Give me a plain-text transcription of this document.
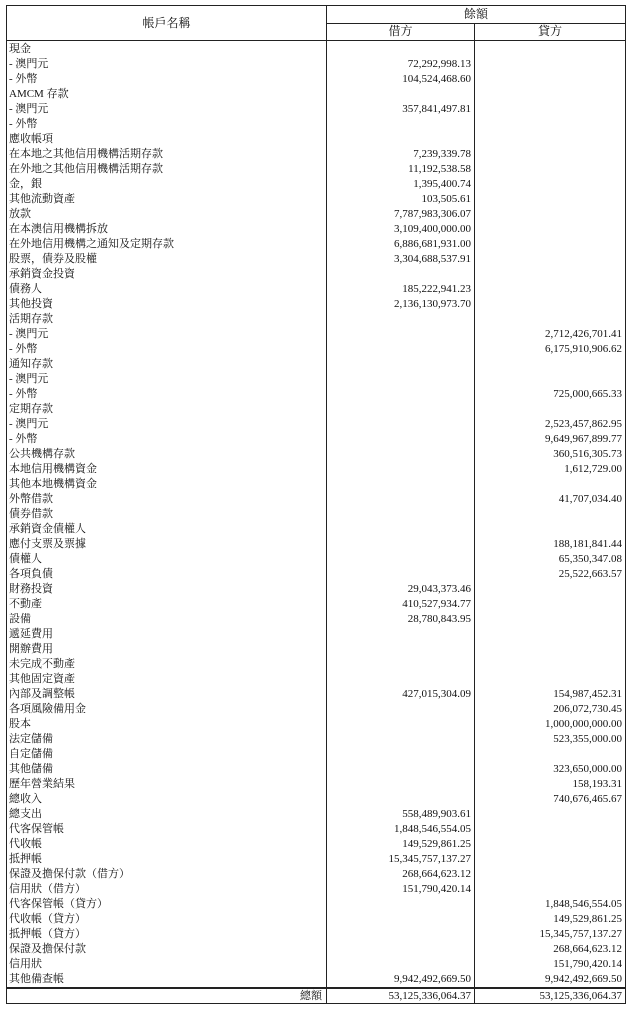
帳戶名稱	餘額	
	借方	貸方
現金		
- 澳門元	72,292,998.13	
- 外幣	104,524,468.60	
AMCM 存款		
- 澳門元	357,841,497.81	
- 外幣		
應收帳項		
在本地之其他信用機構活期存款	7,239,339.78	
在外地之其他信用機構活期存款	11,192,538.58	
金，銀	1,395,400.74	
其他流動資產	103,505.61	
放款	7,787,983,306.07	
在本澳信用機構拆放	3,109,400,000.00	
在外地信用機構之通知及定期存款	6,886,681,931.00	
股票，債券及股權	3,304,688,537.91	
承銷資金投資		
債務人	185,222,941.23	
其他投資	2,136,130,973.70	
活期存款		
- 澳門元		2,712,426,701.41
- 外幣		6,175,910,906.62
通知存款		
- 澳門元		
- 外幣		725,000,665.33
定期存款		
- 澳門元		2,523,457,862.95
- 外幣		9,649,967,899.77
公共機構存款		360,516,305.73
本地信用機構資金		1,612,729.00
其他本地機構資金		
外幣借款		41,707,034.40
債券借款		
承銷資金債權人		
應付支票及票據		188,181,841.44
債權人		65,350,347.08
各項負債		25,522,663.57
財務投資	29,043,373.46	
不動產	410,527,934.77	
設備	28,780,843.95	
遞延費用		
開辦費用		
未完成不動產		
其他固定資產		
內部及調整帳	427,015,304.09	154,987,452.31
各項風險備用金		206,072,730.45
股本		1,000,000,000.00
法定儲備		523,355,000.00
自定儲備		
其他儲備		323,650,000.00
歷年營業結果		158,193.31
總收入		740,676,465.67
總支出	558,489,903.61	
代客保管帳	1,848,546,554.05	
代收帳	149,529,861.25	
抵押帳	15,345,757,137.27	
保證及擔保付款（借方）	268,664,623.12	
信用狀（借方）	151,790,420.14	
代客保管帳（貸方）		1,848,546,554.05
代收帳（貸方）		149,529,861.25
抵押帳（貸方）		15,345,757,137.27
保證及擔保付款		268,664,623.12
信用狀		151,790,420.14
其他備查帳	9,942,492,669.50	9,942,492,669.50
總額	53,125,336,064.37	53,125,336,064.37
